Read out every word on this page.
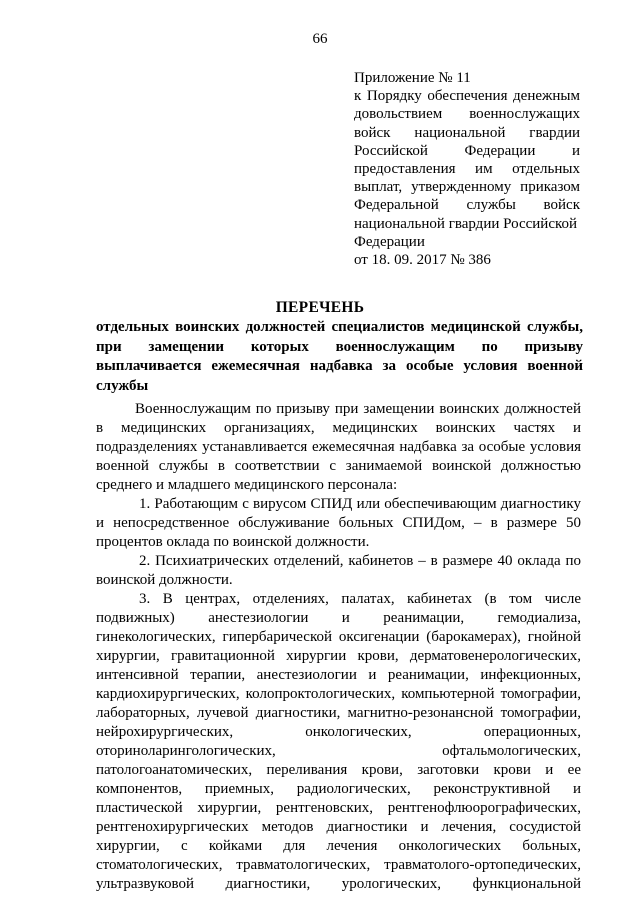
66
Приложение № 11
к Порядку обеспечения денежным
довольствием военнослужащих
войск национальной гвардии
Российской Федерации и
предоставления им отдельных
выплат, утвержденному приказом
Федеральной службы войск
национальной гвардии Российской
Федерации
от 18. 09. 2017 № 386
ПЕРЕЧЕНЬ
отдельных воинских должностей специалистов медицинской службы,
при замещении которых военнослужащим по призыву
выплачивается ежемесячная надбавка за особые условия военной
службы
Военнослужащим по призыву при замещении воинских должностей
в медицинских организациях, медицинских воинских частях и
подразделениях устанавливается ежемесячная надбавка за особые условия
военной службы в соответствии с занимаемой воинской должностью
среднего и младшего медицинского персонала:
1. Работающим с вирусом СПИД или обеспечивающим диагностику
и непосредственное обслуживание больных СПИДом, – в размере 50
процентов оклада по воинской должности.
2. Психиатрических отделений, кабинетов – в размере 40 оклада по
воинской должности.
3. В центрах, отделениях, палатах, кабинетах (в том числе
подвижных) анестезиологии и реанимации, гемодиализа,
гинекологических, гипербарической оксигенации (барокамерах), гнойной
хирургии, гравитационной хирургии крови, дерматовенерологических,
интенсивной терапии, анестезиологии и реанимации, инфекционных,
кардиохирургических, колопроктологических, компьютерной томографии,
лабораторных, лучевой диагностики, магнитно-резонансной томографии,
нейрохирургических, онкологических, операционных,
оториноларингологических, офтальмологических,
патологоанатомических, переливания крови, заготовки крови и ее
компонентов, приемных, радиологических, реконструктивной и
пластической хирургии, рентгеновских, рентгенофлюорографических,
рентгенохирургических методов диагностики и лечения, сосудистой
хирургии, с койками для лечения онкологических больных,
стоматологических, травматологических, травматолого-ортопедических,
ультразвуковой диагностики, урологических, функциональной
